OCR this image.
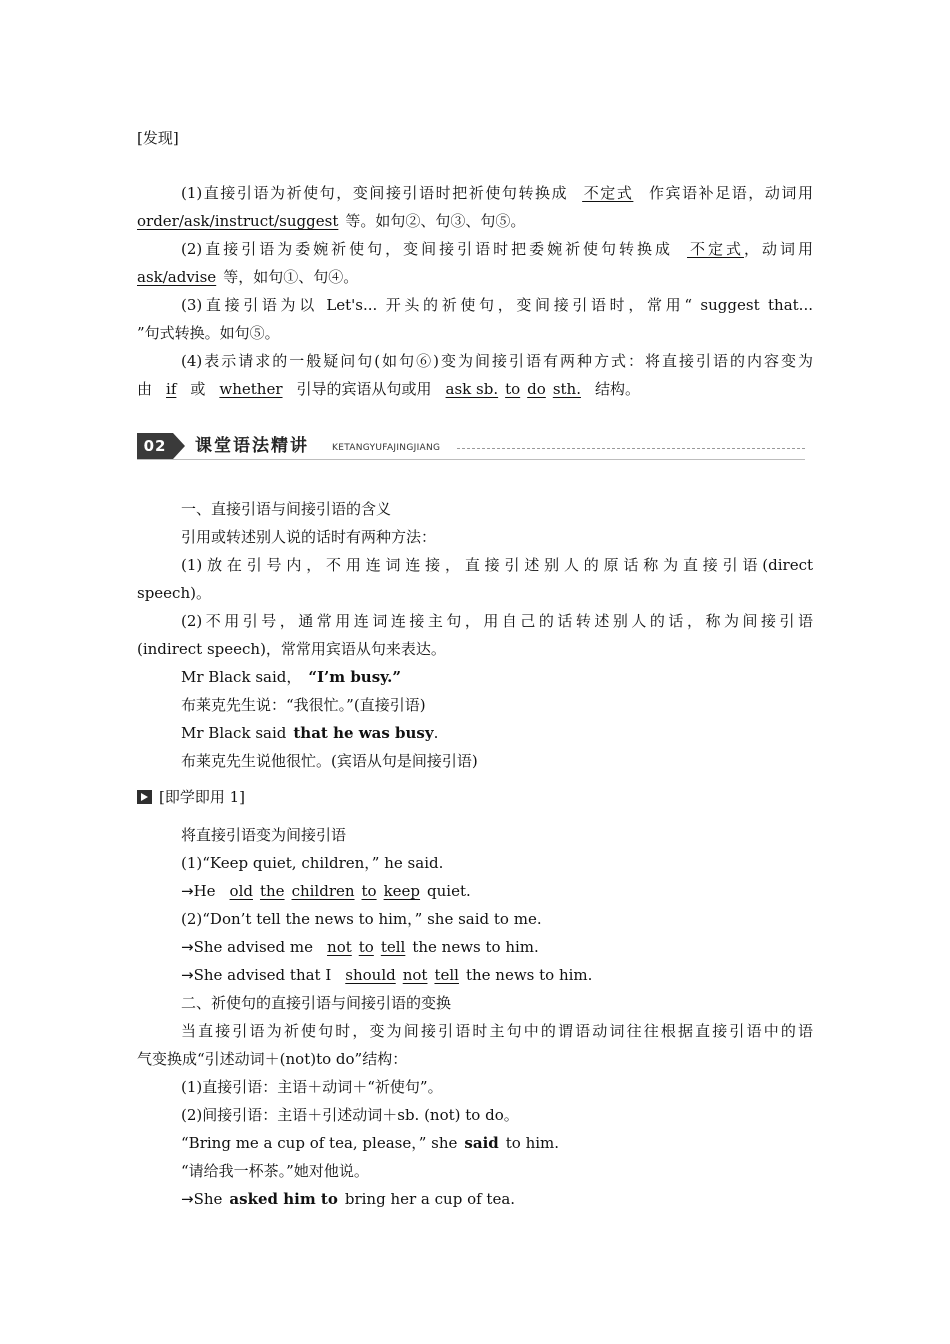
[发现]
(1)直接引语为祈使句，变间接引语时把祈使句转换成 不定式 作宾语补足语，动词用
order/ask/instruct/suggest 等。如句②、句③、句⑤。
(2)直接引语为委婉祈使句，变间接引语时把委婉祈使句转换成 不定式，动词用
ask/advise 等，如句①、句④。
(3)直接引语为以 Let's... 开头的祈使句，变间接引语时，常用“ suggest that...
”句式转换。如句⑤。
(4)表示请求的一般疑问句(如句⑥)变为间接引语有两种方式：将直接引语的内容变为
由 if 或 whether 引导的宾语从句或用 ask sb. to do sth. 结构。
02	课堂语法精讲	KETANGYUFAJINGJIANG
一、直接引语与间接引语的含义
引用或转述别人说的话时有两种方法：
(1)放在引号内，不用连词连接，直接引述别人的原话称为直接引语(direct
speech)。
(2)不用引号，通常用连词连接主句，用自己的话转述别人的话，称为间接引语
(indirect speech)，常常用宾语从句来表达。
Mr Black said， “I’m busy.”
布莱克先生说：“我很忙。”(直接引语)
Mr Black said that he was busy.
布莱克先生说他很忙。(宾语从句是间接引语)
[即学即用 1]
将直接引语变为间接引语
(1)“Keep quiet, children，” he said.
→He old the children to keep quiet.
(2)“Don’t tell the news to him，” she said to me.
→She advised me not to tell the news to him.
→She advised that I should not tell the news to him.
二、祈使句的直接引语与间接引语的变换
当直接引语为祈使句时，变为间接引语时主句中的谓语动词往往根据直接引语中的语
气变换成“引述动词＋(not)to do”结构：
(1)直接引语：主语＋动词＋“祈使句”。
(2)间接引语：主语＋引述动词＋sb. (not) to do。
“Bring me a cup of tea, please，” she said to him.
“请给我一杯茶。”她对他说。
→She asked him to bring her a cup of tea.
